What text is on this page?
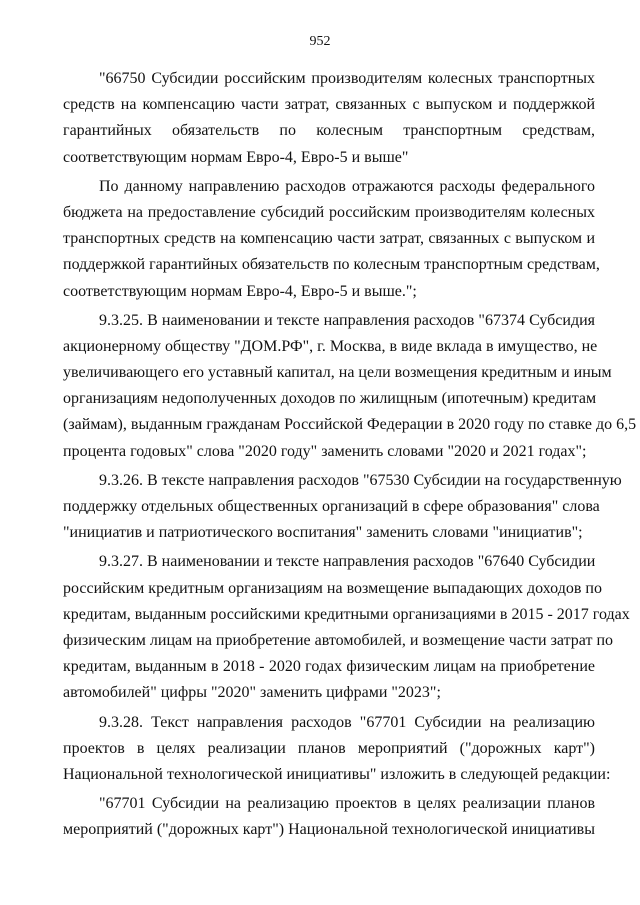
952
"66750 Субсидии российским производителям колесных транспортных
средств на компенсацию части затрат, связанных с выпуском и поддержкой
гарантийных обязательств по колесным транспортным средствам,
соответствующим нормам Евро-4, Евро-5 и выше"
По данному направлению расходов отражаются расходы федерального
бюджета на предоставление субсидий российским производителям колесных
транспортных средств на компенсацию части затрат, связанных с выпуском и
поддержкой гарантийных обязательств по колесным транспортным средствам,
соответствующим нормам Евро-4, Евро-5 и выше.";
9.3.25. В наименовании и тексте направления расходов "67374 Субсидия
акционерному обществу "ДОМ.РФ", г. Москва, в виде вклада в имущество, не
увеличивающего его уставный капитал, на цели возмещения кредитным и иным
организациям недополученных доходов по жилищным (ипотечным) кредитам
(займам), выданным гражданам Российской Федерации в 2020 году по ставке до 6,5
процента годовых" слова "2020 году" заменить словами "2020 и 2021 годах";
9.3.26. В тексте направления расходов "67530 Субсидии на государственную
поддержку отдельных общественных организаций в сфере образования" слова
"инициатив и патриотического воспитания" заменить словами "инициатив";
9.3.27. В наименовании и тексте направления расходов "67640 Субсидии
российским кредитным организациям на возмещение выпадающих доходов по
кредитам, выданным российскими кредитными организациями в 2015 - 2017 годах
физическим лицам на приобретение автомобилей, и возмещение части затрат по
кредитам, выданным в 2018 - 2020 годах физическим лицам на приобретение
автомобилей" цифры "2020" заменить цифрами "2023";
9.3.28. Текст направления расходов "67701 Субсидии на реализацию
проектов в целях реализации планов мероприятий ("дорожных карт")
Национальной технологической инициативы" изложить в следующей редакции:
"67701 Субсидии на реализацию проектов в целях реализации планов
мероприятий ("дорожных карт") Национальной технологической инициативы
